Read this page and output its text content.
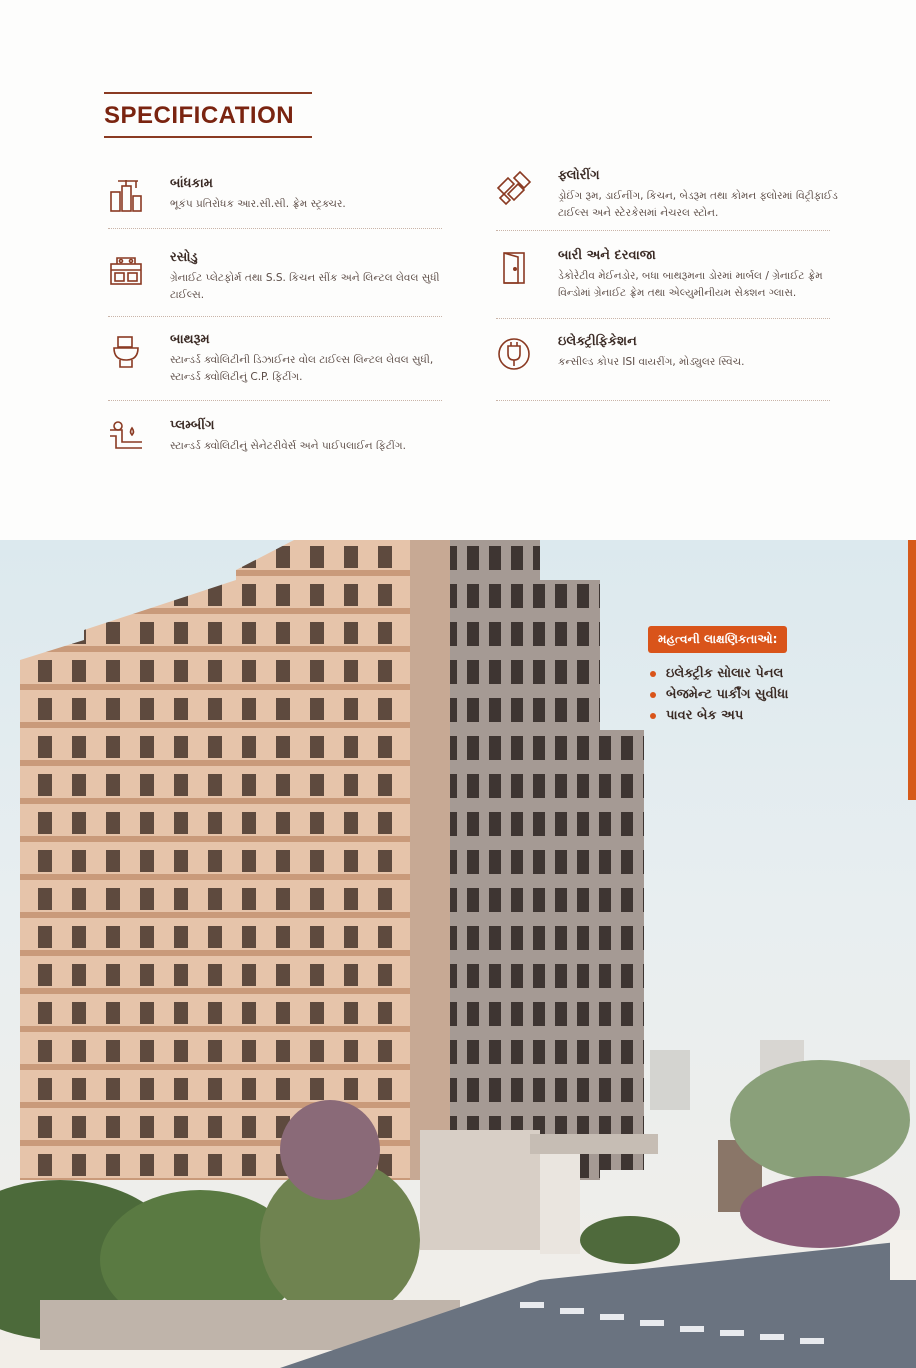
SPECIFICATION
બાંધકામ
ભૂકંપ પ્રતિરોધક આર.સી.સી. ફ્રેમ સ્ટ્રક્ચર.
રસોડુ
ગ્રેનાઈટ પ્લેટફોર્મ તથા S.S. કિચન સીંક અને લિન્ટલ લેવલ સુધી ટાઈલ્સ.
બાથરૂમ
સ્ટાન્ડર્ડ ક્વોલિટીની ડિઝાઈનર વોલ ટાઈલ્સ લિન્ટલ લેવલ સુધી, સ્ટાન્ડર્ડ ક્વોલિટીનું C.P. ફિટીંગ.
પ્લમ્બીંગ
સ્ટાન્ડર્ડ ક્વોલિટીનું સેનેટરીવેર્સ અને પાઈપલાઈન ફિટીંગ.
ફ્લોરીંગ
ડ્રોઈંગ રૂમ, ડાઈનીંગ, કિચન, બેડરૂમ તથા કોમન ફ્લોરમાં વિટ્રીફાઈડ ટાઈલ્સ અને સ્ટેરકેસમાં નેચરલ સ્ટોન.
બારી અને દરવાજા
ડેકોરેટીવ મેઈનડોર, બધા બાથરૂમના ડોરમાં માર્બલ / ગ્રેનાઈટ ફ્રેમ વિન્ડોમાં ગ્રેનાઈટ ફ્રેમ તથા એલ્યુમીનીયમ સેક્શન ગ્લાસ.
ઇલેક્ટ્રીફિકેશન
કન્સીલ્ડ કોપર ISI વાયરીંગ, મોડ્યુલર સ્વિચ.
મહત્વની લાક્ષણિકતાઓ:
ઇલેક્ટ્રીક સોલાર પેનલ
બેજમેન્ટ પાર્કીંગ સુવીધા
પાવર બેક અપ
